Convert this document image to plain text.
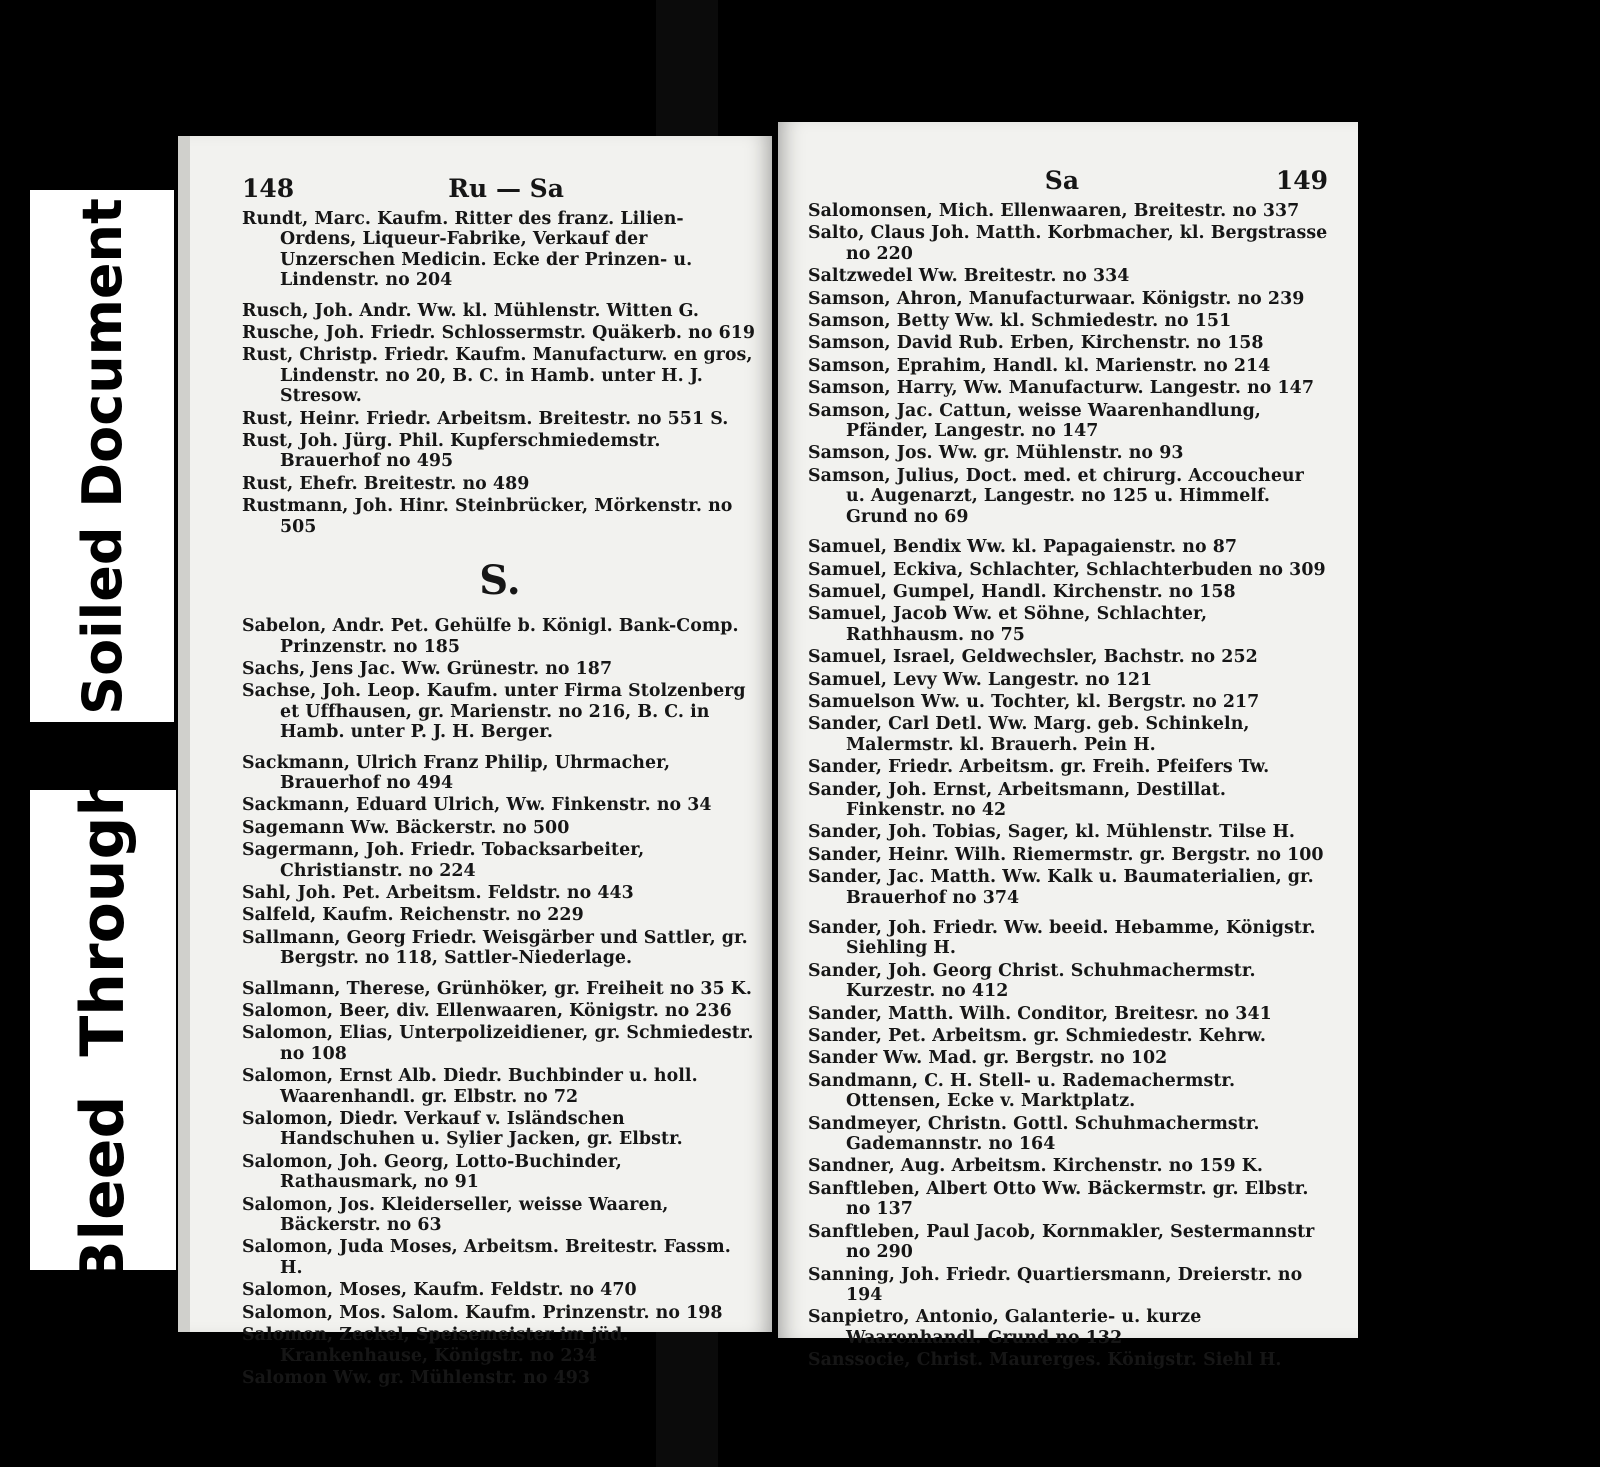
Soiled Document
Bleed Through
148	Ru — Sa

Rundt, Marc. Kaufm. Ritter des franz. Lilien-Ordens, Liqueur-Fabrike, Verkauf der Unzerschen Medicin. Ecke der Prinzen- u. Lindenstr. no 204

Rusch, Joh. Andr. Ww. kl. Mühlenstr. Witten G.

Rusche, Joh. Friedr. Schlossermstr. Quäkerb. no 619

Rust, Christp. Friedr. Kaufm. Manufacturw. en gros, Lindenstr. no 20, B. C. in Hamb. unter H. J. Stresow.

Rust, Heinr. Friedr. Arbeitsm. Breitestr. no 551 S.

Rust, Joh. Jürg. Phil. Kupferschmiedemstr. Brauerhof no 495

Rust, Ehefr. Breitestr. no 489

Rustmann, Joh. Hinr. Steinbrücker, Mörkenstr. no 505

S.

Sabelon, Andr. Pet. Gehülfe b. Königl. Bank-Comp. Prinzenstr. no 185

Sachs, Jens Jac. Ww. Grünestr. no 187

Sachse, Joh. Leop. Kaufm. unter Firma Stolzenberg et Uffhausen, gr. Marienstr. no 216, B. C. in Hamb. unter P. J. H. Berger.

Sackmann, Ulrich Franz Philip, Uhrmacher, Brauerhof no 494

Sackmann, Eduard Ulrich, Ww. Finkenstr. no 34

Sagemann Ww. Bäckerstr. no 500

Sagermann, Joh. Friedr. Tobacksarbeiter, Christianstr. no 224

Sahl, Joh. Pet. Arbeitsm. Feldstr. no 443

Salfeld, Kaufm. Reichenstr. no 229

Sallmann, Georg Friedr. Weisgärber und Sattler, gr. Bergstr. no 118, Sattler-Niederlage.

Sallmann, Therese, Grünhöker, gr. Freiheit no 35 K.

Salomon, Beer, div. Ellenwaaren, Königstr. no 236

Salomon, Elias, Unterpolizeidiener, gr. Schmiedestr. no 108

Salomon, Ernst Alb. Diedr. Buchbinder u. holl. Waarenhandl. gr. Elbstr. no 72

Salomon, Diedr. Verkauf v. Isländschen Handschuhen u. Sylier Jacken, gr. Elbstr.

Salomon, Joh. Georg, Lotto-Buchinder, Rathausmark, no 91

Salomon, Jos. Kleiderseller, weisse Waaren, Bäckerstr. no 63

Salomon, Juda Moses, Arbeitsm. Breitestr. Fassm. H.

Salomon, Moses, Kaufm. Feldstr. no 470

Salomon, Mos. Salom. Kaufm. Prinzenstr. no 198

Salomon, Zeckel, Speisemeister im jüd. Krankenhause, Königstr. no 234

Salomon Ww. gr. Mühlenstr. no 493

Sa	149

Salomonsen, Mich. Ellenwaaren, Breitestr. no 337

Salto, Claus Joh. Matth. Korbmacher, kl. Bergstrasse no 220

Saltzwedel Ww. Breitestr. no 334

Samson, Ahron, Manufacturwaar. Königstr. no 239

Samson, Betty Ww. kl. Schmiedestr. no 151

Samson, David Rub. Erben, Kirchenstr. no 158

Samson, Eprahim, Handl. kl. Marienstr. no 214

Samson, Harry, Ww. Manufacturw. Langestr. no 147

Samson, Jac. Cattun, weisse Waarenhandlung, Pfänder, Langestr. no 147

Samson, Jos. Ww. gr. Mühlenstr. no 93

Samson, Julius, Doct. med. et chirurg. Accoucheur u. Augenarzt, Langestr. no 125 u. Himmelf. Grund no 69

Samuel, Bendix Ww. kl. Papagaienstr. no 87

Samuel, Eckiva, Schlachter, Schlachterbuden no 309

Samuel, Gumpel, Handl. Kirchenstr. no 158

Samuel, Jacob Ww. et Söhne, Schlachter, Rathhausm. no 75

Samuel, Israel, Geldwechsler, Bachstr. no 252

Samuel, Levy Ww. Langestr. no 121

Samuelson Ww. u. Tochter, kl. Bergstr. no 217

Sander, Carl Detl. Ww. Marg. geb. Schinkeln, Malermstr. kl. Brauerh. Pein H.

Sander, Friedr. Arbeitsm. gr. Freih. Pfeifers Tw.

Sander, Joh. Ernst, Arbeitsmann, Destillat. Finkenstr. no 42

Sander, Joh. Tobias, Sager, kl. Mühlenstr. Tilse H.

Sander, Heinr. Wilh. Riemermstr. gr. Bergstr. no 100

Sander, Jac. Matth. Ww. Kalk u. Baumaterialien, gr. Brauerhof no 374

Sander, Joh. Friedr. Ww. beeid. Hebamme, Königstr. Siehling H.

Sander, Joh. Georg Christ. Schuhmachermstr. Kurzestr. no 412

Sander, Matth. Wilh. Conditor, Breitesr. no 341

Sander, Pet. Arbeitsm. gr. Schmiedestr. Kehrw.

Sander Ww. Mad. gr. Bergstr. no 102

Sandmann, C. H. Stell- u. Rademachermstr. Ottensen, Ecke v. Marktplatz.

Sandmeyer, Christn. Gottl. Schuhmachermstr. Gademannstr. no 164

Sandner, Aug. Arbeitsm. Kirchenstr. no 159 K.

Sanftleben, Albert Otto Ww. Bäckermstr. gr. Elbstr. no 137

Sanftleben, Paul Jacob, Kornmakler, Sestermannstr no 290

Sanning, Joh. Friedr. Quartiersmann, Dreierstr. no 194

Sanpietro, Antonio, Galanterie- u. kurze Waarenhandl. Grund no 132

Sanssocie, Christ. Maurerges. Königstr. Siehl H.
